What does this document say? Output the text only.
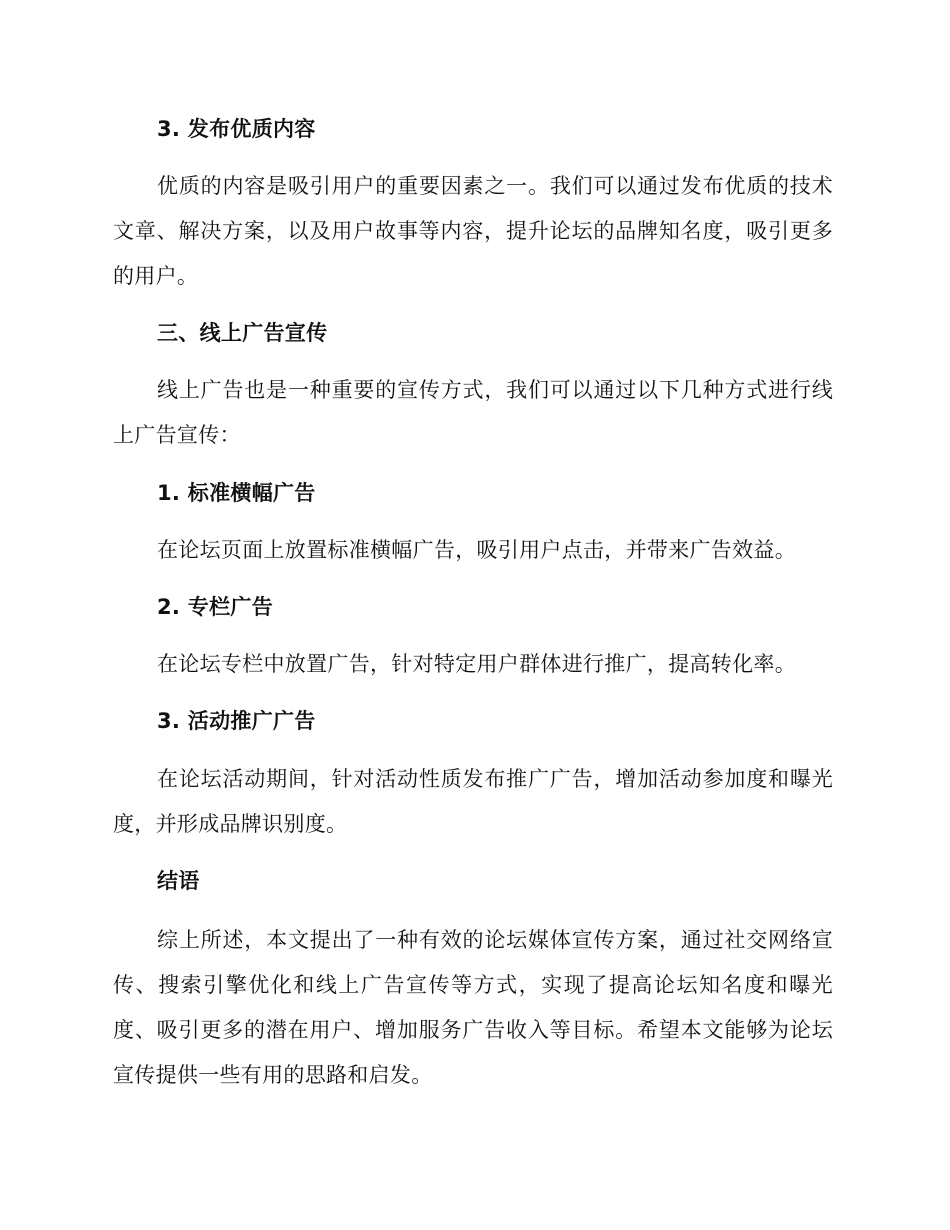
3. 发布优质内容

优质的内容是吸引用户的重要因素之一。我们可以通过发布优质的技术文章、解决方案，以及用户故事等内容，提升论坛的品牌知名度，吸引更多的用户。

三、线上广告宣传

线上广告也是一种重要的宣传方式，我们可以通过以下几种方式进行线上广告宣传：

1. 标准横幅广告

在论坛页面上放置标准横幅广告，吸引用户点击，并带来广告效益。

2. 专栏广告

在论坛专栏中放置广告，针对特定用户群体进行推广，提高转化率。

3. 活动推广广告

在论坛活动期间，针对活动性质发布推广广告，增加活动参加度和曝光度，并形成品牌识别度。

结语

综上所述，本文提出了一种有效的论坛媒体宣传方案，通过社交网络宣传、搜索引擎优化和线上广告宣传等方式，实现了提高论坛知名度和曝光度、吸引更多的潜在用户、增加服务广告收入等目标。希望本文能够为论坛宣传提供一些有用的思路和启发。
